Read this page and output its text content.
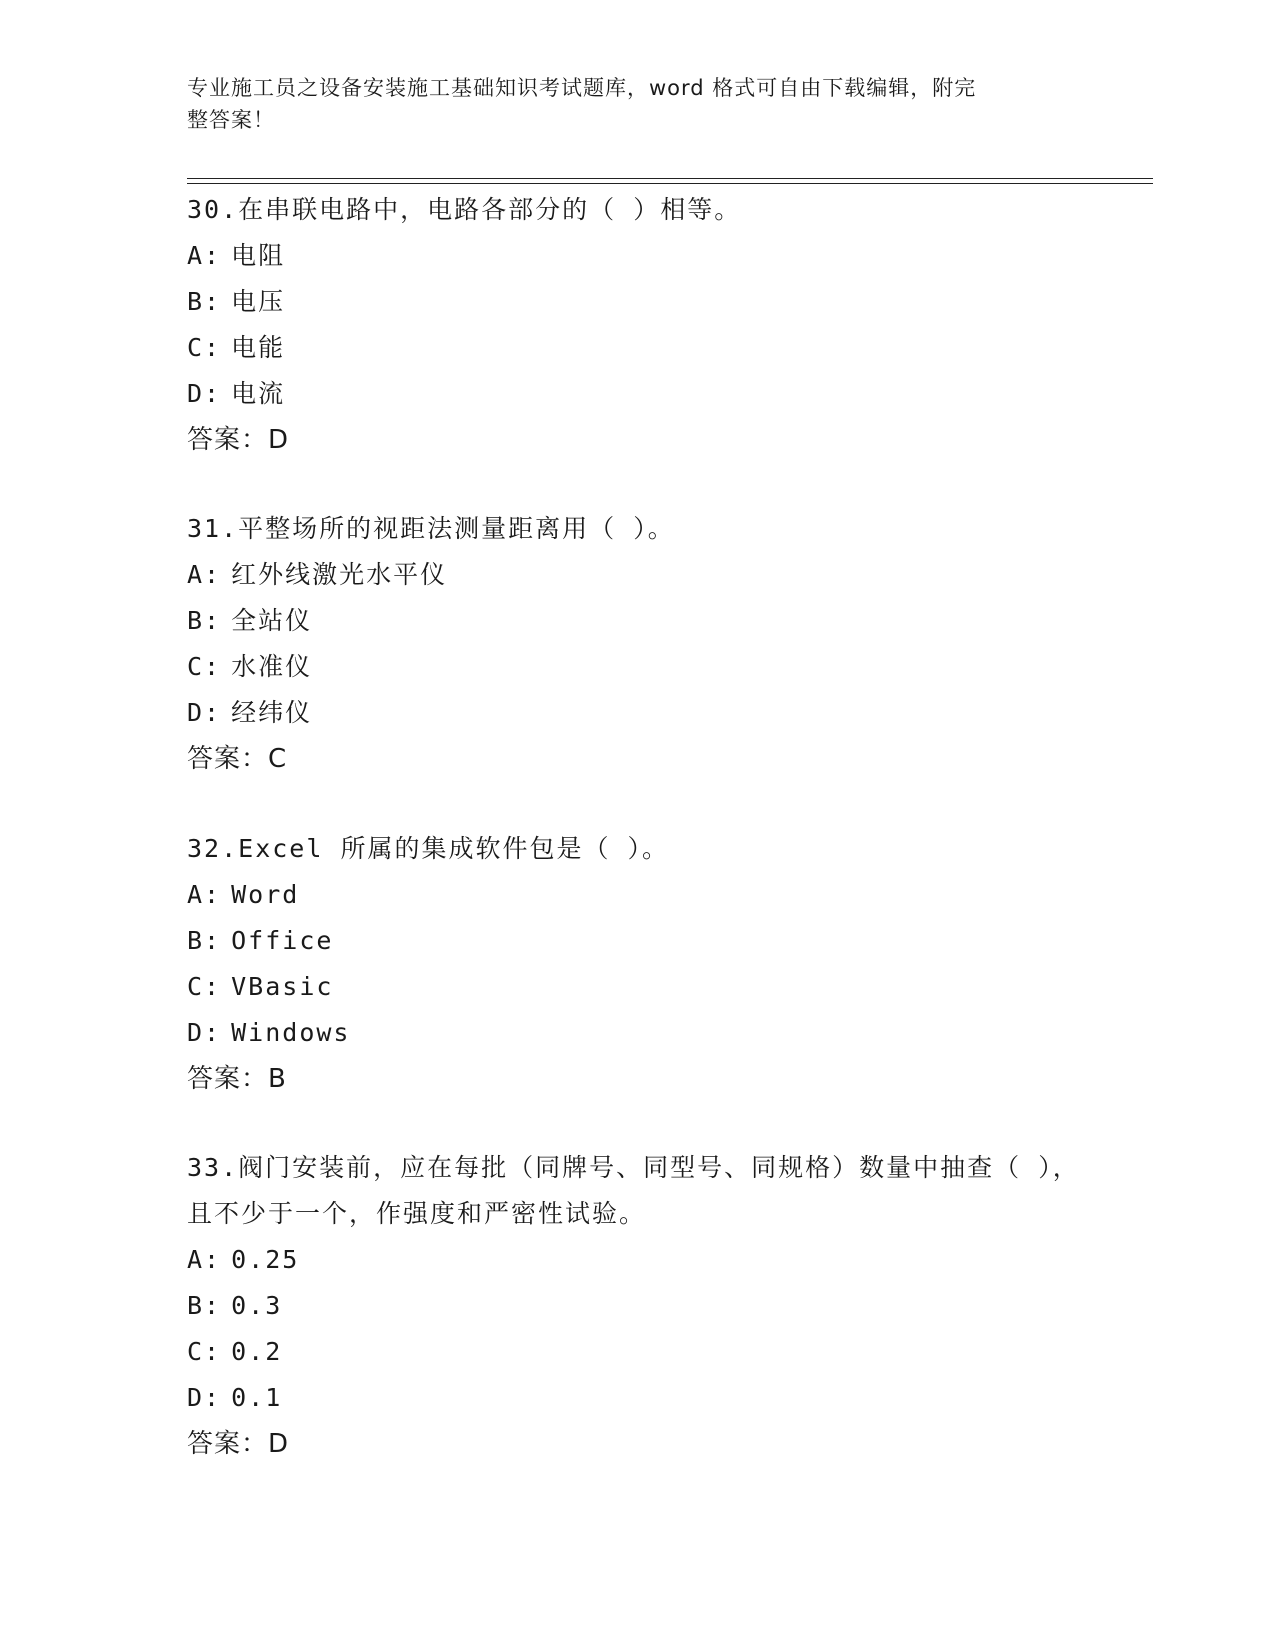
专业施工员之设备安装施工基础知识考试题库，word 格式可自由下载编辑，附完
整答案！

30.在串联电路中，电路各部分的（ ）相等。

A: 电阻
B: 电压
C: 电能
D: 电流
答案：D

31.平整场所的视距法测量距离用（ ）。

A: 红外线激光水平仪
B: 全站仪
C: 水准仪
D: 经纬仪
答案：C

32.Excel 所属的集成软件包是（ ）。

A: Word
B: Office
C: VBasic
D: Windows
答案：B

33.阀门安装前，应在每批（同牌号、同型号、同规格）数量中抽查（ ），且不少于一个，作强度和严密性试验。

A: 0.25
B: 0.3
C: 0.2
D: 0.1
答案：D
